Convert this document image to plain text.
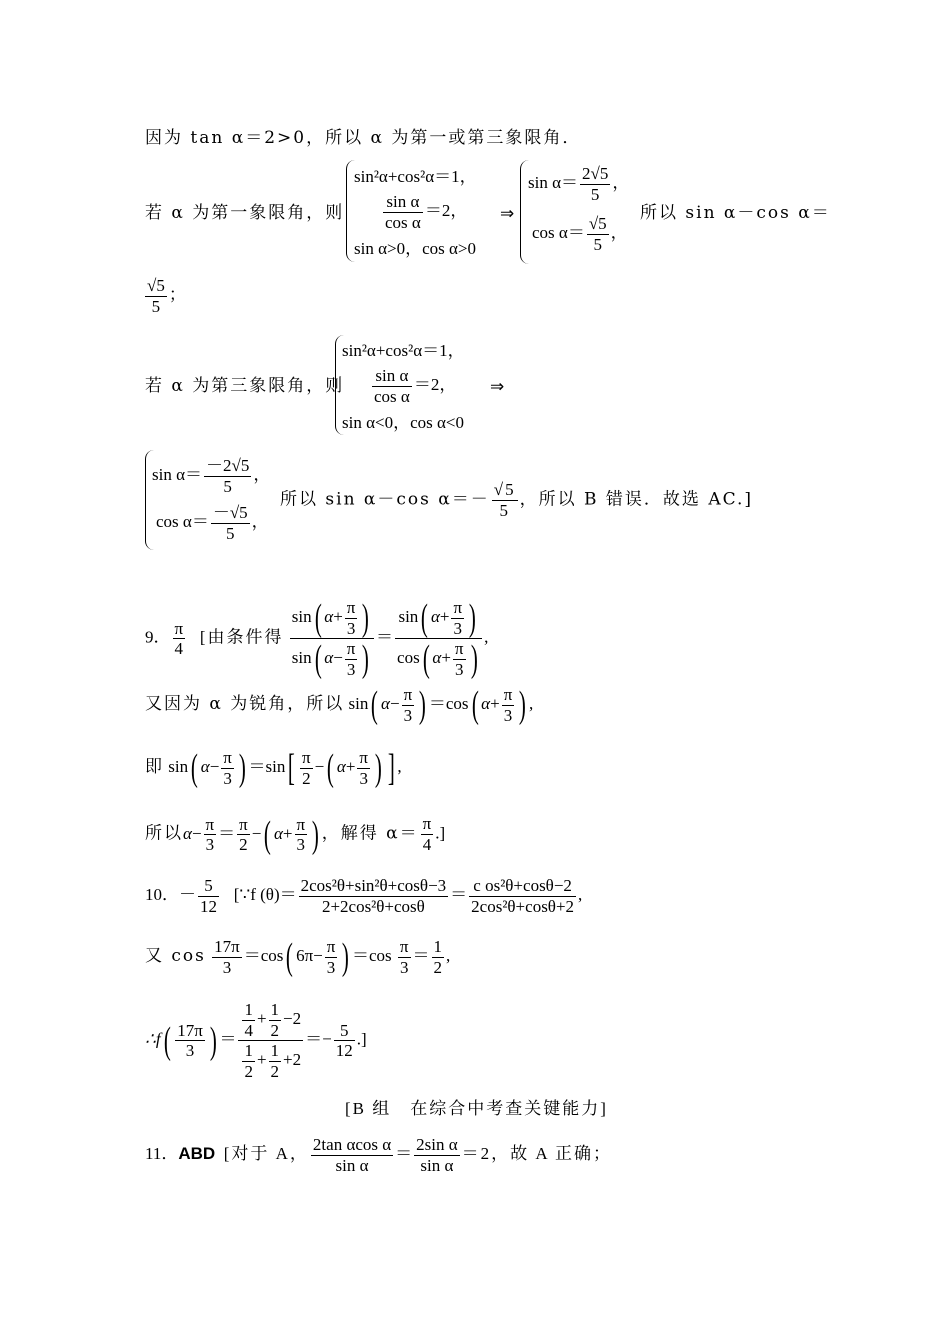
因为 tan α＝2>0，所以 α 为第一或第三象限角．
若 α 为第一象限角，则
sin²α+cos²α＝1，
$\frac{\text{sin α}}{\text{cos α}} =2$，
sin α>0，cos α>0
⇒
$\sin \alpha= \frac{2√5}{5}$ ，
$\cos \alpha= \frac{√5}{5}$ ，
所以 sin α－cos α＝
$\frac{√5}{5}$ ；
若 α 为第三象限角，则
sin²α+cos²α＝1，
$\frac{\text{sin α}}{\text{cos α}} =2$，
sin α<0，cos α<0
⇒
$\sin \alpha= \frac{-2√5}{5}$ ，
$\cos \alpha= \frac{-√5}{5}$ ，
所以 sin α－cos $\alpha=- \frac{√5}{5}$ ，所以 B 错误．故选 AC.]
9． $\frac{\pi}{4}$ [由条件得 $\frac{\sin( \alpha+ \frac{\pi}{3} )}{\sin( \alpha- \frac{\pi}{3} )} = \frac{\sin( \alpha+ \frac{\pi}{3} )}{\cos( \alpha+ \frac{\pi}{3} )}$ ,
又因为 α 为锐角，所以 sin( $\alpha- \frac{\pi}{3}$ ) ＝cos( $\alpha+ \frac{\pi}{3}$ ) ,
即 sin( $\alpha- \frac{\pi}{3}$ ) $=\sin[ \frac{\pi}{2}$ −( $\alpha+ \frac{\pi}{3}$ ) ] ,
所以$\alpha- \frac{\pi}{3} = \frac{\pi}{2}$ −( $\alpha+ \frac{\pi}{3}$ ) ，解得 $\alpha= \frac{\pi}{4}$ .]
10．－ $\frac{5}{12}$ [∵f $(\theta)= \frac{\text{2cos²θ+sin²θ+cosθ−3}}{\text{2+2cos²θ+cosθ}} = \frac{\text{c os²θ+cosθ−2}}{\text{2cos²θ+cosθ+2}}$ ,
又 $\cos \frac{17\pi}{3} =\cos$( $6\pi- \frac{\pi}{3}$ ) $=\cos \frac{\pi}{3} = \frac{1}{2}$ ,
∴f( $\frac{17\pi}{3}$ ) ＝ $\frac{\frac{1}{4} + \frac{1}{2} -2}{\frac{1}{2} + \frac{1}{2} +2} =- \frac{5}{12}$ .]
[B 组　在综合中考查关键能力]
11．ABD [对于 A， $\frac{\text{2tan αcos α}}{\text{sin α}} = \frac{\text{2sin α}}{\text{sin α}} =2$，故 A 正确；
